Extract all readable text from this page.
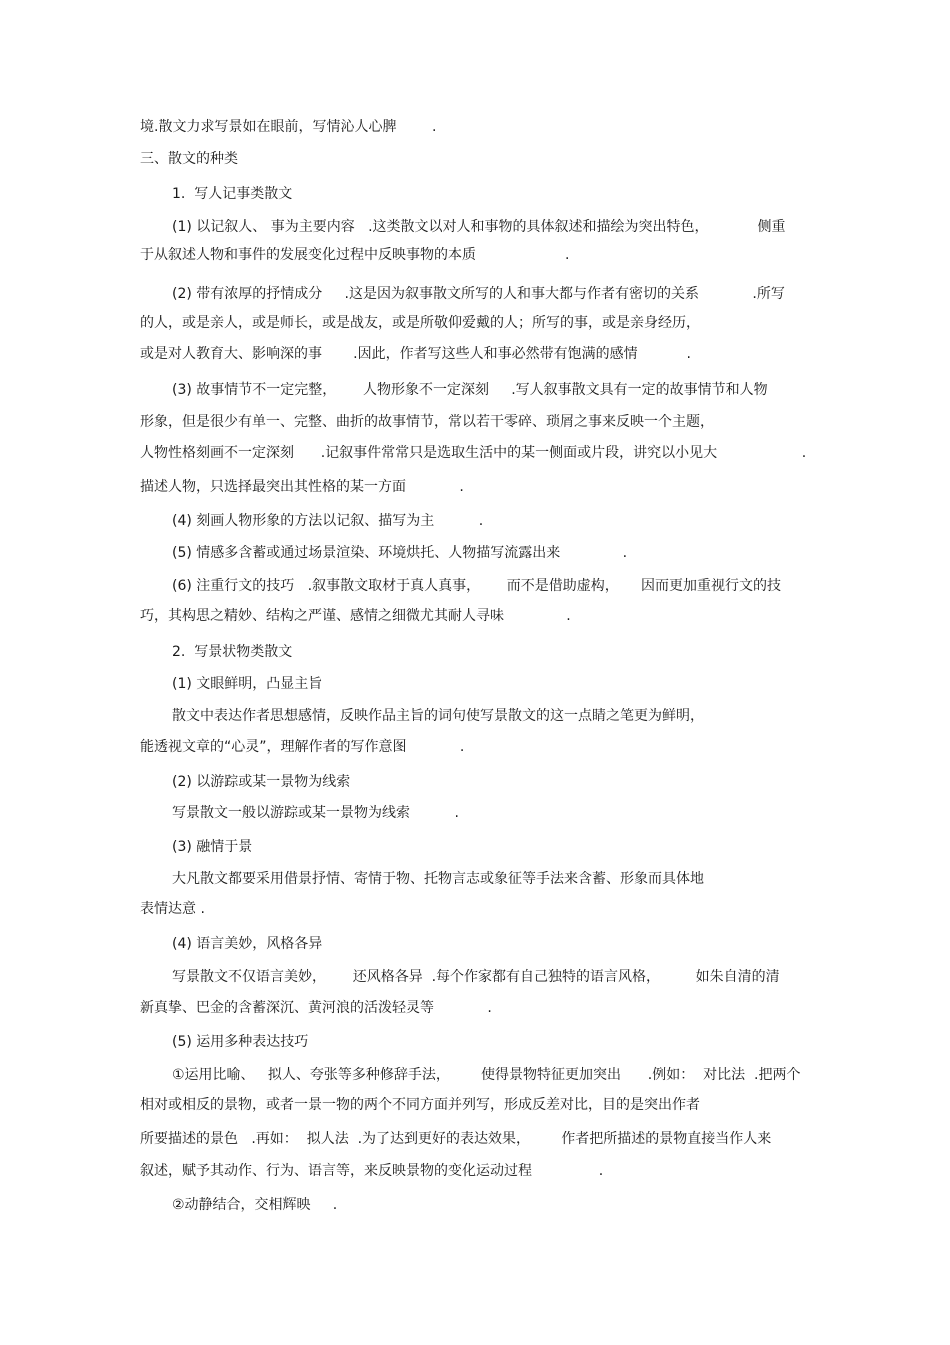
境.散文力求写景如在眼前，写情沁人心脾        .

三、散文的种类

1.  写人记事类散文

(1) 以记叙人、 事为主要内容   .这类散文以对人和事物的具体叙述和描绘为突出特色，           侧重

于从叙述人物和事件的发展变化过程中反映事物的本质                    .

(2) 带有浓厚的抒情成分     .这是因为叙事散文所写的人和事大都与作者有密切的关系            .所写

的人，或是亲人，或是师长，或是战友，或是所敬仰爱戴的人；所写的事，或是亲身经历，

或是对人教育大、影响深的事       .因此，作者写这些人和事必然带有饱满的感情           .

(3) 故事情节不一定完整，      人物形象不一定深刻     .写人叙事散文具有一定的故事情节和人物

形象，但是很少有单一、完整、曲折的故事情节，常以若干零碎、琐屑之事来反映一个主题，

人物性格刻画不一定深刻      .记叙事件常常只是选取生活中的某一侧面或片段，讲究以小见大                   .

描述人物，只选择最突出其性格的某一方面            .

(4) 刻画人物形象的方法以记叙、描写为主          .

(5) 情感多含蓄或通过场景渲染、环境烘托、人物描写流露出来              .

(6) 注重行文的技巧   .叙事散文取材于真人真事，      而不是借助虚构，     因而更加重视行文的技

巧，其构思之精妙、结构之严谨、感情之细微尤其耐人寻味              .

2.  写景状物类散文

(1) 文眼鲜明，凸显主旨

散文中表达作者思想感情，反映作品主旨的词句使写景散文的这一点睛之笔更为鲜明，

能透视文章的“心灵”，理解作者的写作意图            .

(2) 以游踪或某一景物为线索

写景散文一般以游踪或某一景物为线索          .

(3) 融情于景

大凡散文都要采用借景抒情、寄情于物、托物言志或象征等手法来含蓄、形象而具体地

表情达意 .

(4) 语言美妙，风格各异

写景散文不仅语言美妙，      还风格各异  .每个作家都有自己独特的语言风格，        如朱自清的清

新真挚、巴金的含蓄深沉、黄河浪的活泼轻灵等            .

(5) 运用多种表达技巧

①运用比喻、   拟人、夸张等多种修辞手法，       使得景物特征更加突出      .例如：  对比法  .把两个

相对或相反的景物，或者一景一物的两个不同方面并列写，形成反差对比，目的是突出作者

所要描述的景色   .再如：  拟人法  .为了达到更好的表达效果，       作者把所描述的景物直接当作人来

叙述，赋予其动作、行为、语言等，来反映景物的变化运动过程               .

②动静结合，交相辉映     .
